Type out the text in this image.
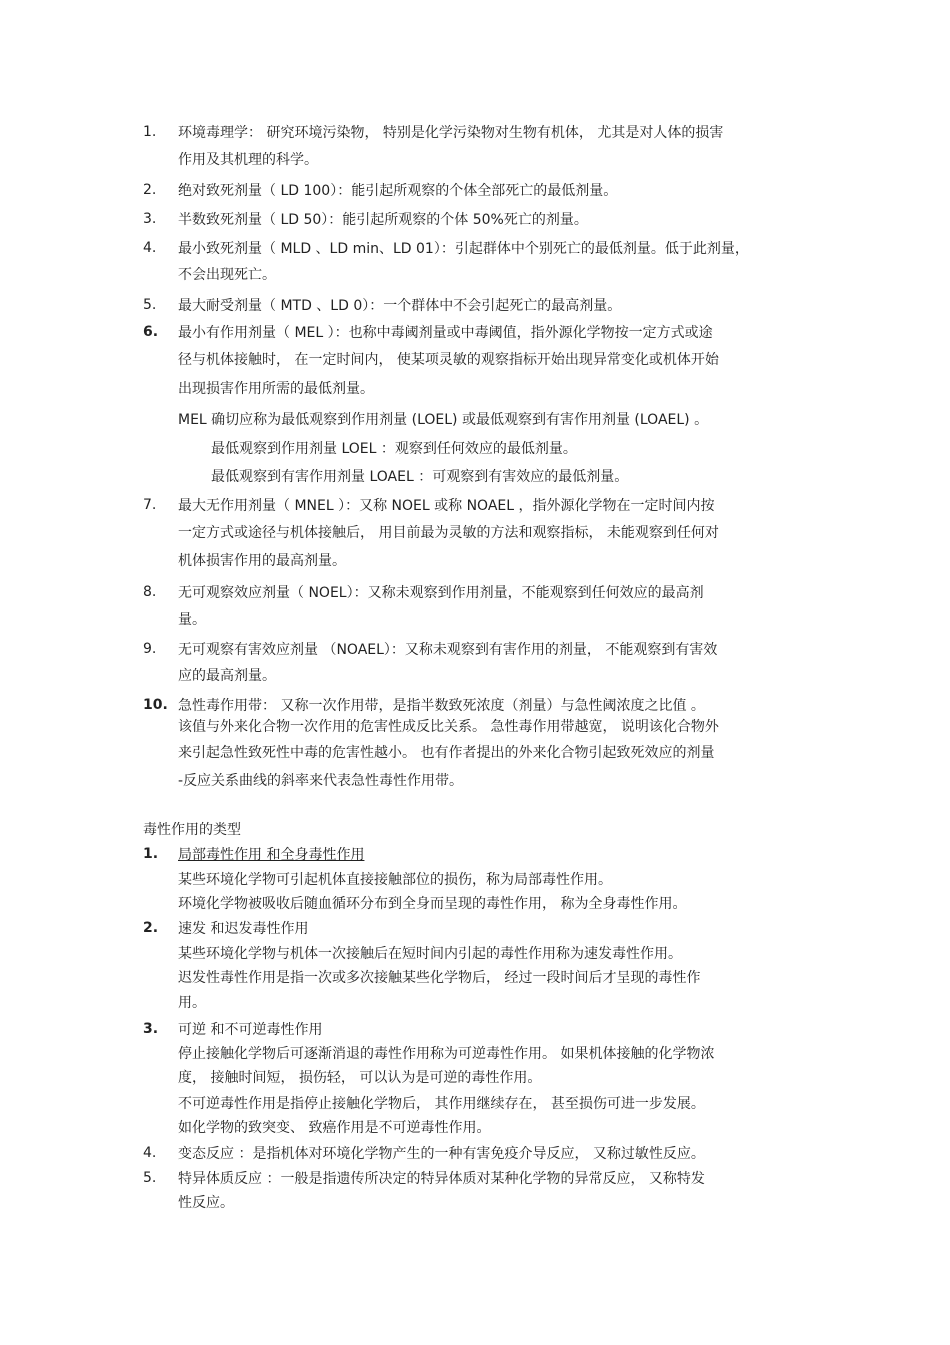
1. 环境毒理学： 研究环境污染物， 特别是化学污染物对生物有机体， 尤其是对人体的损害
作用及其机理的科学。
2. 绝对致死剂量（ LD 100）：能引起所观察的个体全部死亡的最低剂量。
3. 半数致死剂量（ LD 50）：能引起所观察的个体 50%死亡的剂量。
4. 最小致死剂量（ MLD 、LD min、LD 01）：引起群体中个别死亡的最低剂量。低于此剂量，
不会出现死亡。
5. 最大耐受剂量（ MTD 、LD 0）：一个群体中不会引起死亡的最高剂量。
6. 最小有作用剂量（ MEL ）：也称中毒阈剂量或中毒阈值，指外源化学物按一定方式或途
径与机体接触时， 在一定时间内， 使某项灵敏的观察指标开始出现异常变化或机体开始
出现损害作用所需的最低剂量。
MEL 确切应称为最低观察到作用剂量 (LOEL) 或最低观察到有害作用剂量 (LOAEL) 。
最低观察到作用剂量 LOEL ：观察到任何效应的最低剂量。
最低观察到有害作用剂量 LOAEL ：可观察到有害效应的最低剂量。
7. 最大无作用剂量（ MNEL ）：又称 NOEL 或称 NOAEL ，指外源化学物在一定时间内按
一定方式或途径与机体接触后， 用目前最为灵敏的方法和观察指标， 未能观察到任何对
机体损害作用的最高剂量。
8. 无可观察效应剂量（ NOEL）：又称未观察到作用剂量，不能观察到任何效应的最高剂
量。
9. 无可观察有害效应剂量 （NOAEL）：又称未观察到有害作用的剂量， 不能观察到有害效
应的最高剂量。
10. 急性毒作用带： 又称一次作用带，是指半数致死浓度（剂量）与急性阈浓度之比值 。
该值与外来化合物一次作用的危害性成反比关系。 急性毒作用带越宽， 说明该化合物外
来引起急性致死性中毒的危害性越小。 也有作者提出的外来化合物引起致死效应的剂量
-反应关系曲线的斜率来代表急性毒性作用带。
毒性作用的类型
1. 局部毒性作用 和全身毒性作用
某些环境化学物可引起机体直接接触部位的损伤，称为局部毒性作用。
环境化学物被吸收后随血循环分布到全身而呈现的毒性作用， 称为全身毒性作用。
2. 速发 和迟发毒性作用
某些环境化学物与机体一次接触后在短时间内引起的毒性作用称为速发毒性作用。
迟发性毒性作用是指一次或多次接触某些化学物后， 经过一段时间后才呈现的毒性作
用。
3. 可逆 和不可逆毒性作用
停止接触化学物后可逐渐消退的毒性作用称为可逆毒性作用。 如果机体接触的化学物浓
度， 接触时间短， 损伤轻， 可以认为是可逆的毒性作用。
不可逆毒性作用是指停止接触化学物后， 其作用继续存在， 甚至损伤可进一步发展。
如化学物的致突变、 致癌作用是不可逆毒性作用。
4. 变态反应 ：是指机体对环境化学物产生的一种有害免疫介导反应， 又称过敏性反应。
5. 特异体质反应 ：一般是指遗传所决定的特异体质对某种化学物的异常反应， 又称特发
性反应。
